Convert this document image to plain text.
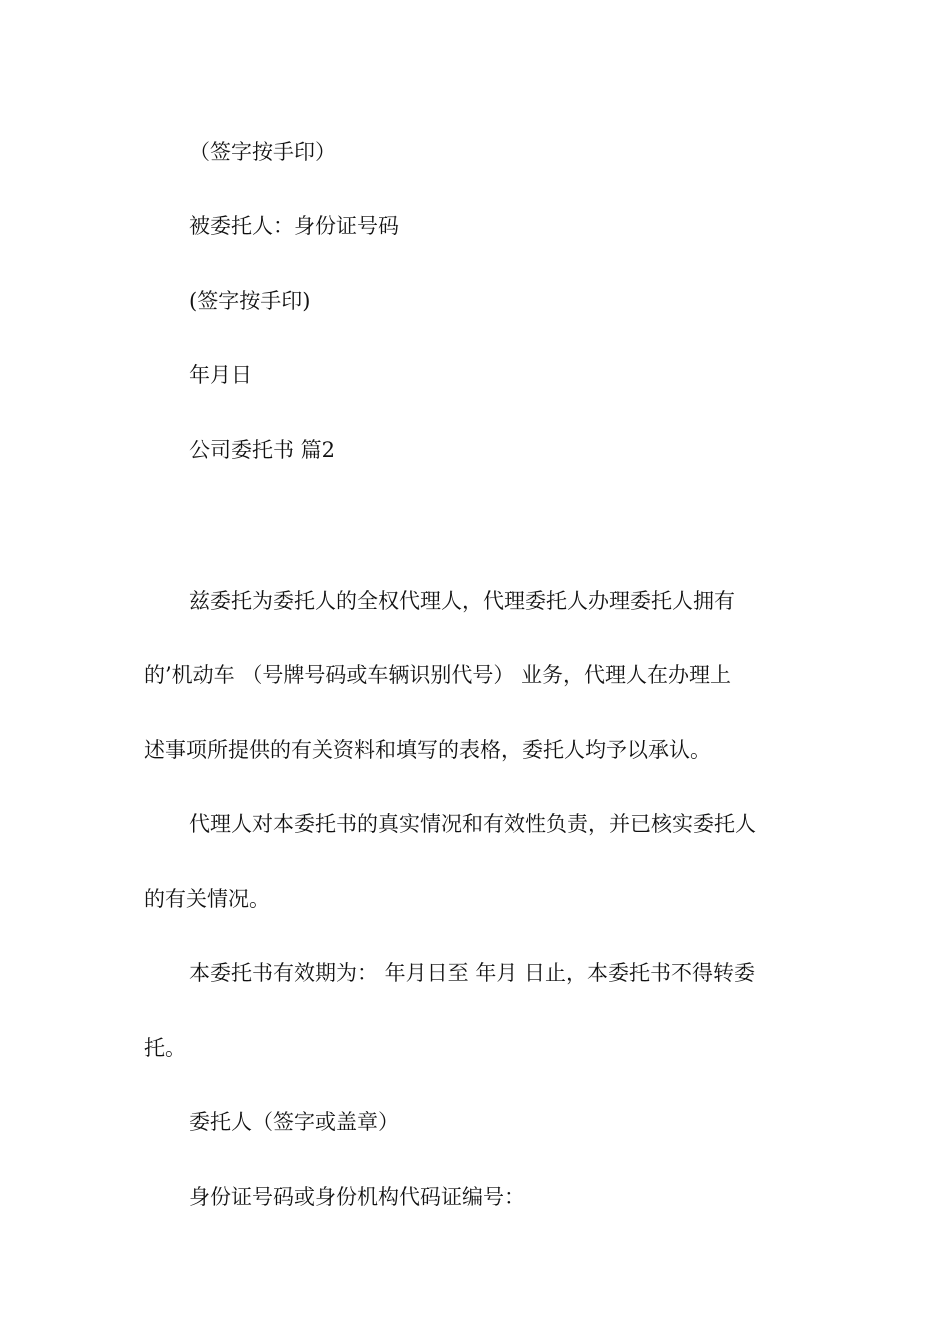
（签字按手印）
被委托人：身份证号码
(签字按手印)
年月日
公司委托书 篇2
兹委托为委托人的全权代理人，代理委托人办理委托人拥有
的’机动车 （号牌号码或车辆识别代号） 业务，代理人在办理上
述事项所提供的有关资料和填写的表格，委托人均予以承认。
代理人对本委托书的真实情况和有效性负责，并已核实委托人
的有关情况。
本委托书有效期为： 年月日至 年月 日止，本委托书不得转委
托。
委托人（签字或盖章）
身份证号码或身份机构代码证编号：
